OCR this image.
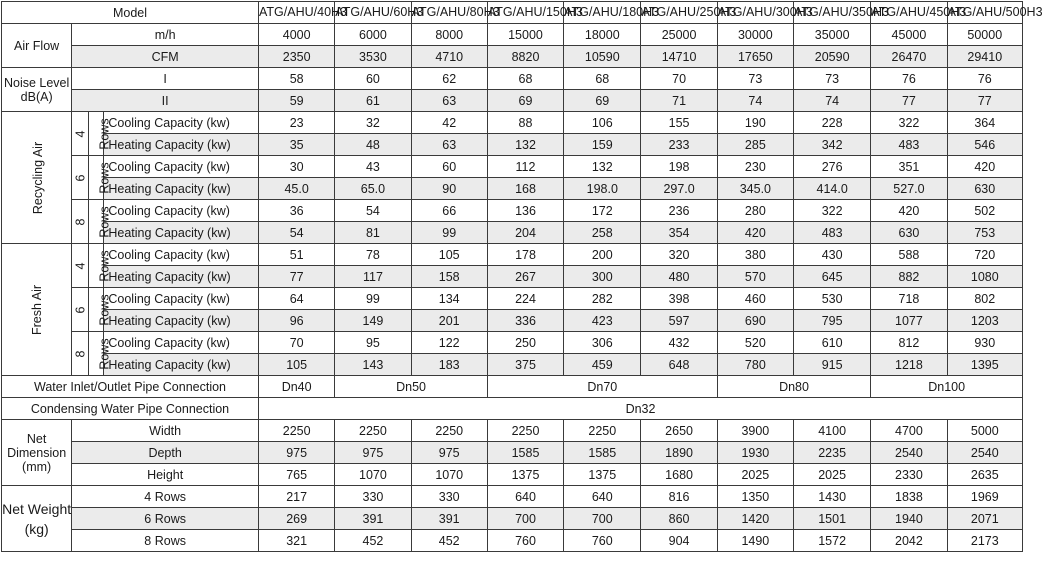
Model				ATG/AHU/40H3	ATG/AHU/60H3	ATG/AHU/80H3	ATG/AHU/150H3	ATG/AHU/180H3	ATG/AHU/250H3	ATG/AHU/300H3	ATG/AHU/350H3	ATG/AHU/450H3	ATG/AHU/500H3
Air Flow	m/h			4000	6000	8000	15000	18000	25000	30000	35000	45000	50000
	CFM			2350	3530	4710	8820	10590	14710	17650	20590	26470	29410
Noise Level dB(A)	I			58	60	62	68	68	70	73	73	76	76
	II			59	61	63	69	69	71	74	74	77	77
Recycling Air	4	Rows	Cooling Capacity (kw)	23	32	42	88	106	155	190	228	322	364
			Heating Capacity (kw)	35	48	63	132	159	233	285	342	483	546
	6	Rows	Cooling Capacity (kw)	30	43	60	112	132	198	230	276	351	420
			Heating Capacity (kw)	45.0	65.0	90	168	198.0	297.0	345.0	414.0	527.0	630
	8	Rows	Cooling Capacity (kw)	36	54	66	136	172	236	280	322	420	502
			Heating Capacity (kw)	54	81	99	204	258	354	420	483	630	753
Fresh Air	4	Rows	Cooling Capacity (kw)	51	78	105	178	200	320	380	430	588	720
			Heating Capacity (kw)	77	117	158	267	300	480	570	645	882	1080
	6	Rows	Cooling Capacity (kw)	64	99	134	224	282	398	460	530	718	802
			Heating Capacity (kw)	96	149	201	336	423	597	690	795	1077	1203
	8	Rows	Cooling Capacity (kw)	70	95	122	250	306	432	520	610	812	930
			Heating Capacity (kw)	105	143	183	375	459	648	780	915	1218	1395
Water Inlet/Outlet Pipe Connection				Dn40	Dn50		Dn70			Dn80		Dn100	
Condensing Water Pipe Connection				Dn32									
Net Dimension (mm)	Width			2250	2250	2250	2250	2250	2650	3900	4100	4700	5000
	Depth			975	975	975	1585	1585	1890	1930	2235	2540	2540
	Height			765	1070	1070	1375	1375	1680	2025	2025	2330	2635
Net Weight (kg)	4 Rows			217	330	330	640	640	816	1350	1430	1838	1969
	6 Rows			269	391	391	700	700	860	1420	1501	1940	2071
	8 Rows			321	452	452	760	760	904	1490	1572	2042	2173
